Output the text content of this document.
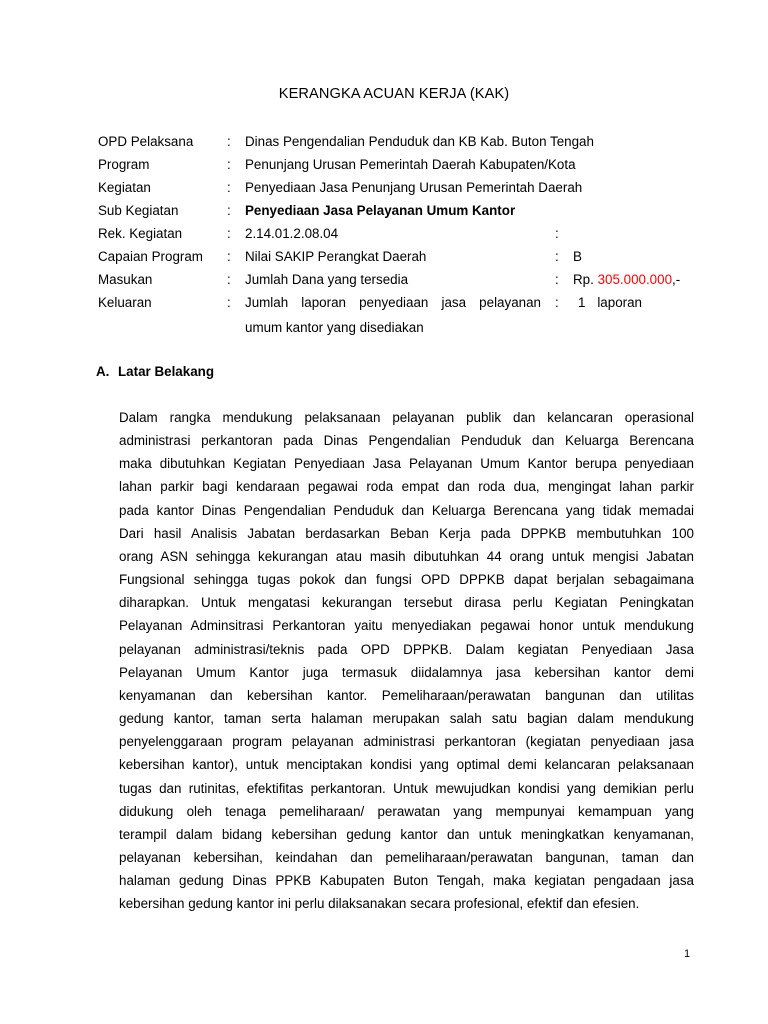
KERANGKA ACUAN KERJA (KAK)
OPD Pelaksana	: Dinas Pengendalian Penduduk dan KB Kab. Buton Tengah
Program	: Penunjang Urusan Pemerintah Daerah Kabupaten/Kota
Kegiatan	: Penyediaan Jasa Penunjang Urusan Pemerintah Daerah
Sub Kegiatan	: Penyediaan Jasa Pelayanan Umum Kantor
Rek. Kegiatan	: 2.14.01.2.08.04	:
Capaian Program : Nilai SAKIP Perangkat Daerah	: B
Masukan	: Jumlah Dana yang tersedia	: Rp. 305.000.000,-
Keluaran	: Jumlah laporan penyediaan jasa pelayanan : 1 laporan
umum kantor yang disediakan
A. Latar Belakang
Dalam rangka mendukung pelaksanaan pelayanan publik dan kelancaran operasional
administrasi perkantoran pada Dinas Pengendalian Penduduk dan Keluarga Berencana
maka dibutuhkan Kegiatan Penyediaan Jasa Pelayanan Umum Kantor berupa penyediaan
lahan parkir bagi kendaraan pegawai roda empat dan roda dua, mengingat lahan parkir
pada kantor Dinas Pengendalian Penduduk dan Keluarga Berencana yang tidak memadai
Dari hasil Analisis Jabatan berdasarkan Beban Kerja pada DPPKB membutuhkan 100
orang ASN sehingga kekurangan atau masih dibutuhkan 44 orang untuk mengisi Jabatan
Fungsional sehingga tugas pokok dan fungsi OPD DPPKB dapat berjalan sebagaimana
diharapkan. Untuk mengatasi kekurangan tersebut dirasa perlu Kegiatan Peningkatan
Pelayanan Adminsitrasi Perkantoran yaitu menyediakan pegawai honor untuk mendukung
pelayanan administrasi/teknis pada OPD DPPKB. Dalam kegiatan Penyediaan Jasa
Pelayanan Umum Kantor juga termasuk diidalamnya jasa kebersihan kantor demi
kenyamanan dan kebersihan kantor. Pemeliharaan/perawatan bangunan dan utilitas
gedung kantor, taman serta halaman merupakan salah satu bagian dalam mendukung
penyelenggaraan program pelayanan administrasi perkantoran (kegiatan penyediaan jasa
kebersihan kantor), untuk menciptakan kondisi yang optimal demi kelancaran pelaksanaan
tugas dan rutinitas, efektifitas perkantoran. Untuk mewujudkan kondisi yang demikian perlu
didukung oleh tenaga pemeliharaan/ perawatan yang mempunyai kemampuan yang
terampil dalam bidang kebersihan gedung kantor dan untuk meningkatkan kenyamanan,
pelayanan kebersihan, keindahan dan pemeliharaan/perawatan bangunan, taman dan
halaman gedung Dinas PPKB Kabupaten Buton Tengah, maka kegiatan pengadaan jasa
kebersihan gedung kantor ini perlu dilaksanakan secara profesional, efektif dan efesien.
1
